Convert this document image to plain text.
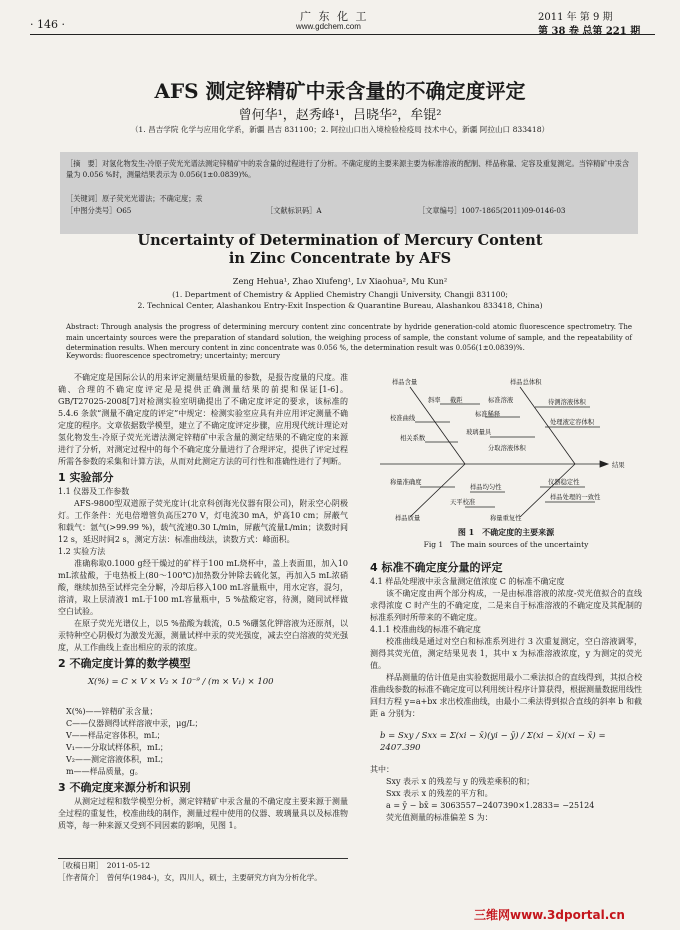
· 146 ·
广 东 化 工
www.gdchem.com
2011 年 第 9 期
第 38 卷 总第 221 期
AFS 测定锌精矿中汞含量的不确定度评定
曾何华¹，赵秀峰¹，吕晓华²，牟锟²
（1. 昌吉学院 化学与应用化学系，新疆 昌吉 831100；2. 阿拉山口出入境检验检疫局 技术中心，新疆 阿拉山口 833418）
［摘　要］对氢化物发生-冷原子荧光光谱法测定锌精矿中的汞含量的过程进行了分析。不确定度的主要来源主要为标准溶液的配制、样品称量、定容及重复测定。当锌精矿中汞含量为 0.056 %时，测量结果表示为 0.056(1±0.0839)%。
［关键词］原子荧光光谱法；不确定度；汞
［中图分类号］O65	［文献标识码］A	［文章编号］1007-1865(2011)09-0146-03
Uncertainty of Determination of Mercury Content
in Zinc Concentrate by AFS
Zeng Hehua¹, Zhao Xiufeng¹, Lv Xiaohua², Mu Kun²
(1. Department of Chemistry & Applied Chemistry Changji University, Changji 831100;
2. Technical Center, Alashankou Entry-Exit Inspection & Quarantine Bureau, Alashankou 833418, China)
Abstract: Through analysis the progress of determining mercury content zinc concentrate by hydride generation-cold atomic fluorescence spectrometry. The main uncertainty sources were the preparation of standard solution, the weighing process of sample, the constant volume of sample, and the repeatability of determination results. When mercury content in zinc concentrate was 0.056 %, the determination result was 0.056(1±0.0839)%.
Keywords: fluorescence spectrometry; uncertainty; mercury

不确定度是国际公认的用来评定测量结果质量的参数，是报告度量的尺度。准确、合理的不确定度评定是是提供正确测量结果的前提和保证[1-6]。GB/T27025-2008[7]对检测实验室明确提出了不确定度评定的要求，该标准的 5.4.6 条款“测量不确定度的评定”中规定：检测实验室应具有并应用评定测量不确定度的程序。文章依据数学模型，建立了不确定度评定步骤，应用现代统计理论对氢化物发生-冷原子荧光光谱法测定锌精矿中汞含量的测定结果的不确定度的来源进行了分析，对测定过程中的每个不确定度分量进行了合理评定，提供了评定过程所需各参数的采集和计算方法，从而对此测定方法的可行性和准确性进行了判断。

1 实验部分

1.1 仪器及工作参数

AFS-9800型双道原子荧光度计(北京科创海光仪器有限公司)，附汞空心阴极灯。工作条件：光电倍增管负高压270 V，灯电流30 mA，炉高10 cm；屏蔽气和载气：氩气(>99.99 %)，载气流速0.30 L/min，屏蔽气流量L/min；读数时间12 s，延迟时间2 s，测定方法：标准曲线法，读数方式：峰面积。

1.2 实验方法

准确称取0.1000 g经干燥过的矿样于100 mL烧杯中，盖上表面皿，加入10 mL浓盐酸，于电热板上(80～100℃)加热数分钟除去硫化氢，再加入5 mL浓硝酸，继续加热至试样完全分解，冷却后移入100 mL容量瓶中，用水定容，混匀，溶清，取上层清液1 mL于100 mL容量瓶中，5 %盐酸定容，待测，随同试样做空白试验。

在原子荧光光谱仪上，以5 %盐酸为载流，0.5 %硼氢化钾溶液为还原剂，以汞特种空心阴极灯为激发光源，测量试样中汞的荧光强度，减去空白溶液的荧光强度，从工作曲线上查出相应的汞的浓度。

2 不确定度计算的数学模型
X(%) = C × V × V₂ × 10⁻⁹ / (m × V₁) × 100
X(%)——锌精矿汞含量；
C——仪器测得试样溶液中汞，μg/L；
V——样品定容体积，mL；
V₁——分取试样体积，mL；
V₂——测定溶液体积，mL；
m——样品质量，g。
3 不确定度来源分析和识别

从测定过程和数学模型分析，测定锌精矿中汞含量的不确定度主要来源于测量全过程的重复性，校准曲线的制作，测量过程中使用的仪器、玻璃量具以及标准物质等，每一种来源又受到不同因素的影响，见图 1。

样品含量	样品总体积
斜率 截距	标准溶液	待测溶液体积
校准曲线
玻璃量具
处理液定容体积
分取溶液体积
标准稀释
相关系数
结果
称量准确度
样品均匀性
仪器稳定性
天平校准
样品处理的一致性
样品质量	称量重复性
图 1　不确定度的主要来源
Fig 1　The main sources of the uncertainty
4 标准不确定度分量的评定

4.1 样品处理液中汞含量测定值浓度 C 的标准不确定度

该不确定度由两个部分构成，一是由标准溶液的浓度-荧光值拟合的直线求得浓度 C 时产生的不确定度，二是来自于标准溶液的不确定度及其配制的标准系列时所带来的不确定度。

4.1.1 校准曲线的标准不确定度

校准曲线是通过对空白和标准系列进行 3 次重复测定，空白溶液调零，测得其荧光值，测定结果见表 1，其中 x 为标准溶液浓度，y 为测定的荧光值。

样品测量的估计值是由实验数据用最小二乘法拟合的直线得到，其拟合校准曲线参数的标准不确定度可以利用统计程序计算获得，根据测量数据用线性回归方程 y=a+bx 求出校准曲线，由最小二乘法得到拟合直线的斜率 b 和截距 a 分别为：

b = Sxy / Sxx = Σ(xi − x̄)(yi − ȳ) / Σ(xi − x̄)(xi − x̄) = 2407.390

其中：

Sxy 表示 x 的残差与 y 的残差乘积的和；

Sxx 表示 x 的残差的平方和。

a = ȳ − bx̄ = 3063557−2407390×1.2833= −25124

荧光值测量的标准偏差 S 为：

［收稿日期］　2011-05-12
［作者简介］　曾何华(1984-)，女，四川人，硕士，主要研究方向为分析化学。
三维网www.3dportal.cn
